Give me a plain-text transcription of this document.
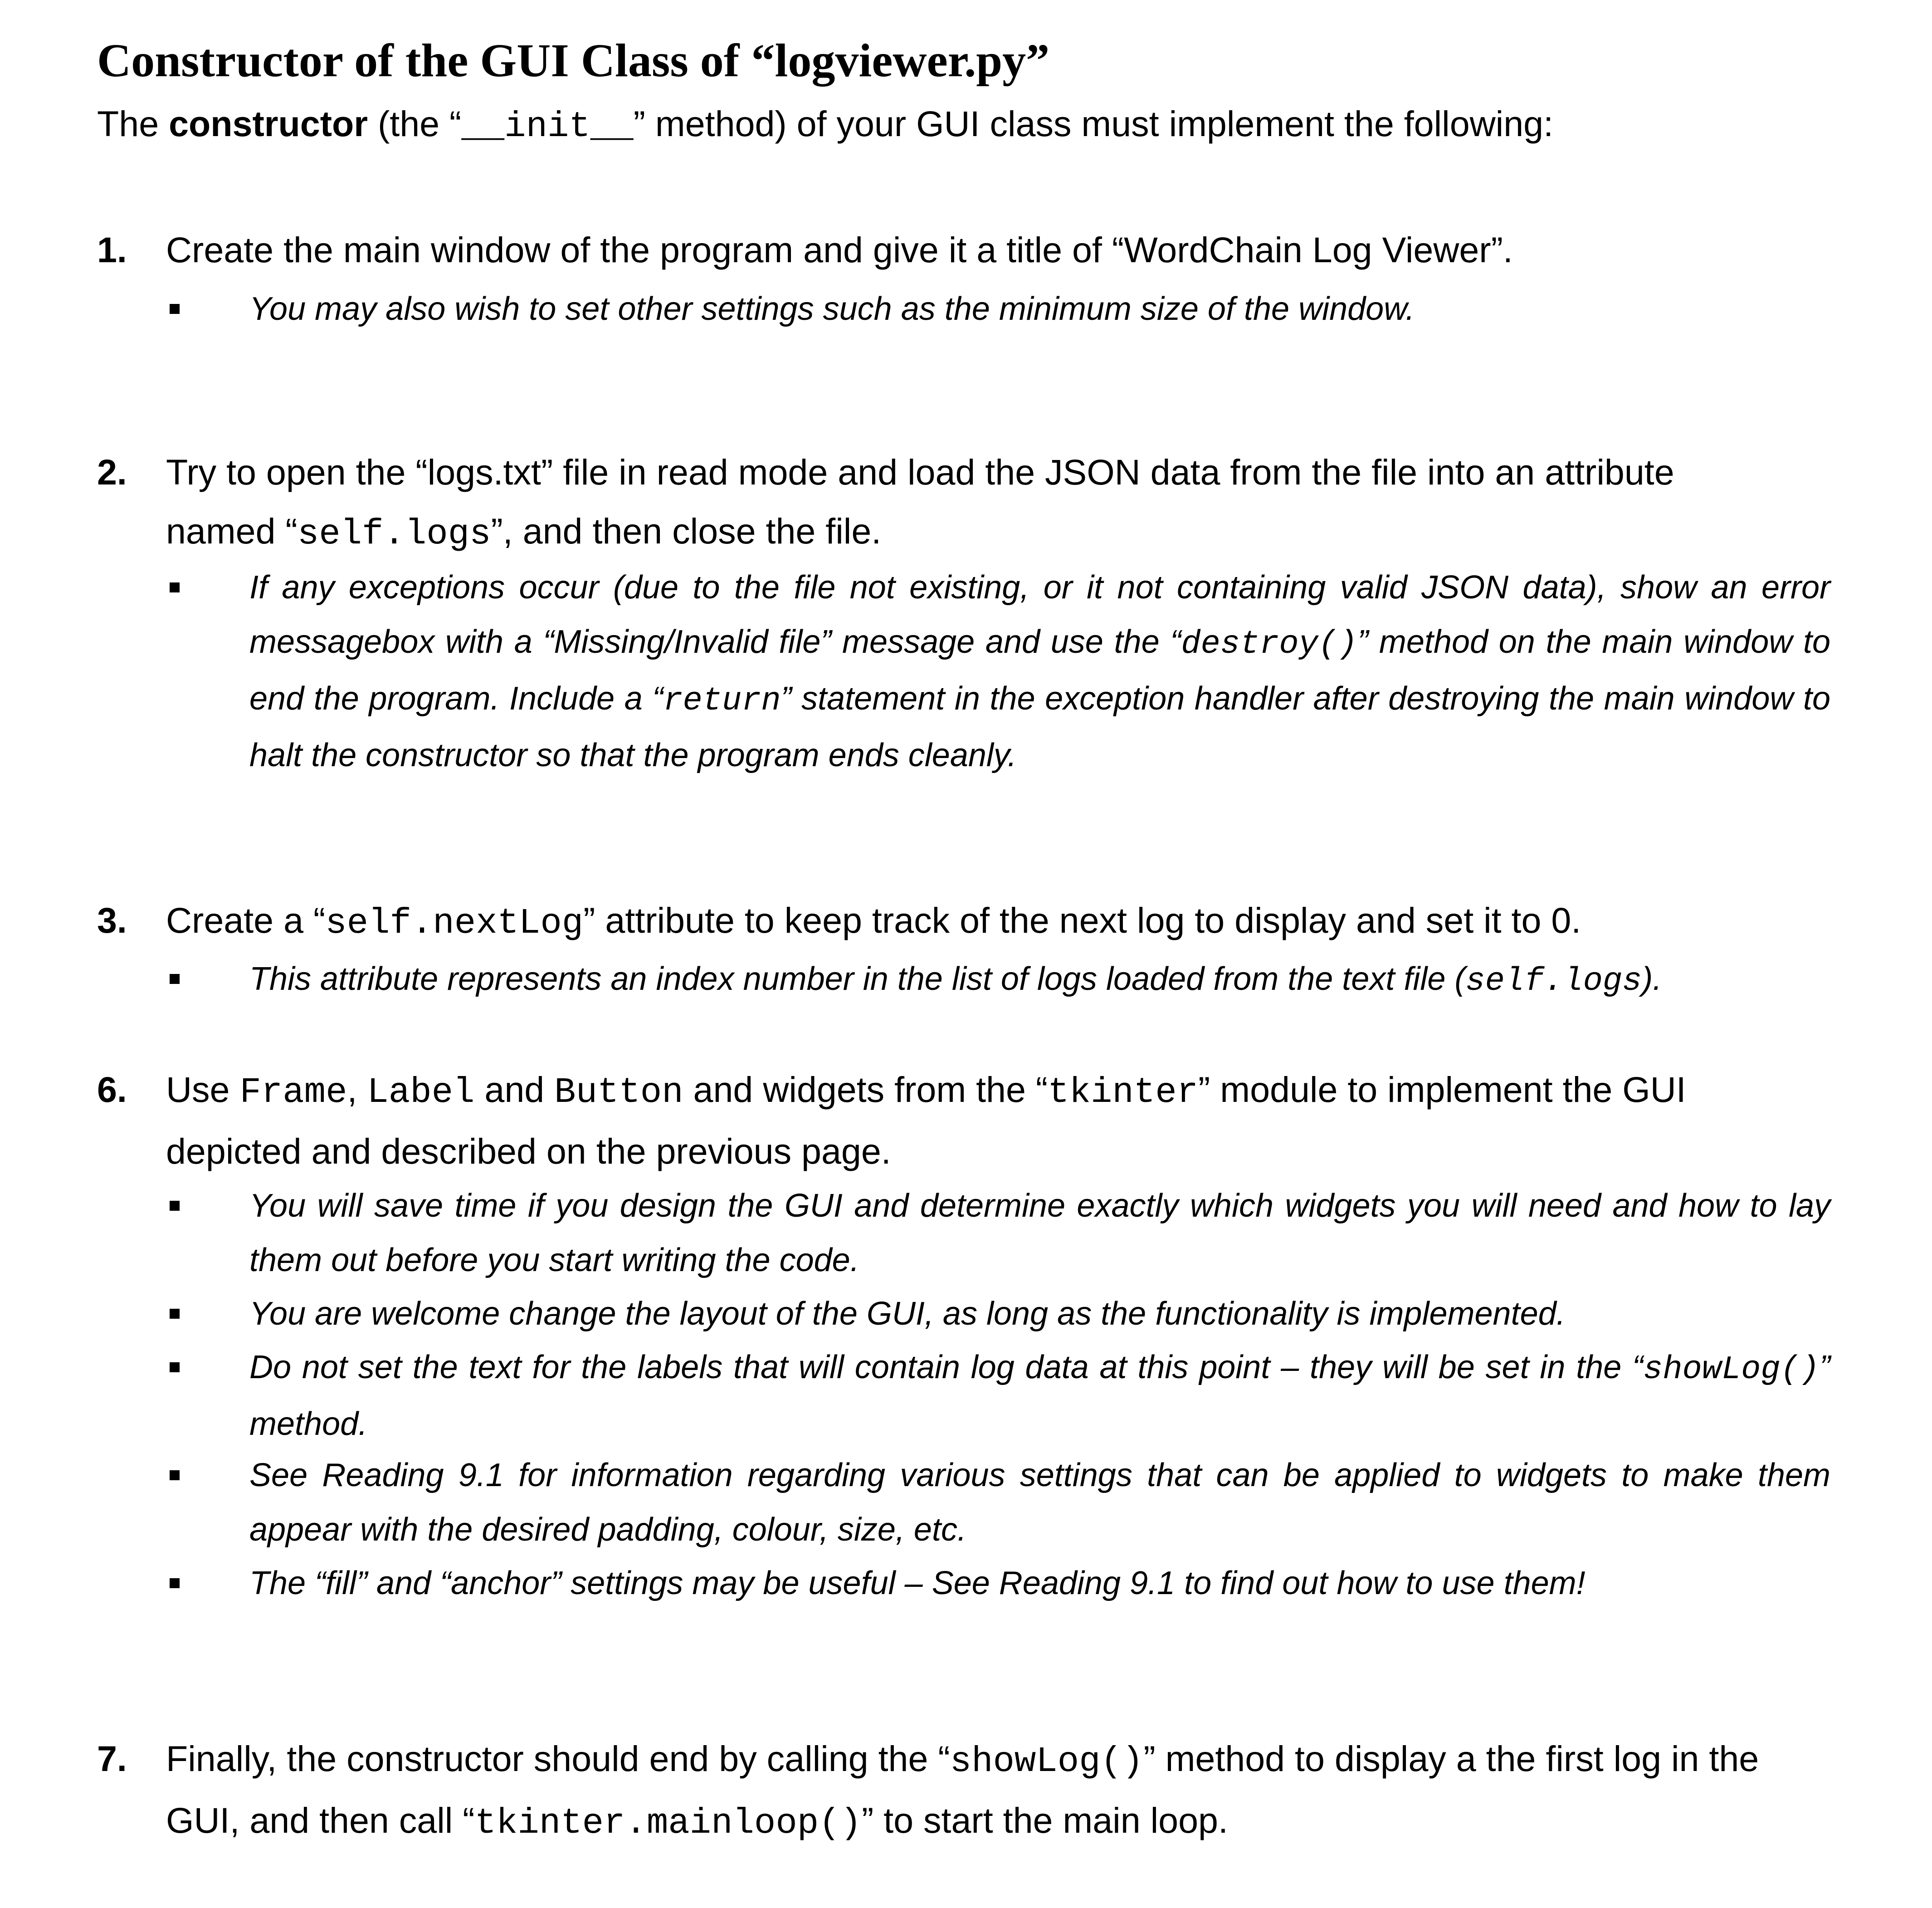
Constructor of the GUI Class of “logviewer.py”
The constructor (the “__init__” method) of your GUI class must implement the following:
1. Create the main window of the program and give it a title of “WordChain Log Viewer”.
You may also wish to set other settings such as the minimum size of the window.
2. Try to open the “logs.txt” file in read mode and load the JSON data from the file into an attribute
named “self.logs”, and then close the file.
If any exceptions occur (due to the file not existing, or it not containing valid JSON data), show an error messagebox with a “Missing/Invalid file” message and use the “destroy()” method on the main window to end the program. Include a “return” statement in the exception handler after destroying the main window to halt the constructor so that the program ends cleanly.
3. Create a “self.nextLog” attribute to keep track of the next log to display and set it to 0.
This attribute represents an index number in the list of logs loaded from the text file (self.logs).
6. Use Frame, Label and Button and widgets from the “tkinter” module to implement the GUI depicted and described on the previous page.
You will save time if you design the GUI and determine exactly which widgets you will need and how to lay them out before you start writing the code.
You are welcome change the layout of the GUI, as long as the functionality is implemented.
Do not set the text for the labels that will contain log data at this point – they will be set in the “showLog()” method.
See Reading 9.1 for information regarding various settings that can be applied to widgets to make them appear with the desired padding, colour, size, etc.
The “fill” and “anchor” settings may be useful – See Reading 9.1 to find out how to use them!
7. Finally, the constructor should end by calling the “showLog()” method to display a the first log in the GUI, and then call “tkinter.mainloop()” to start the main loop.
